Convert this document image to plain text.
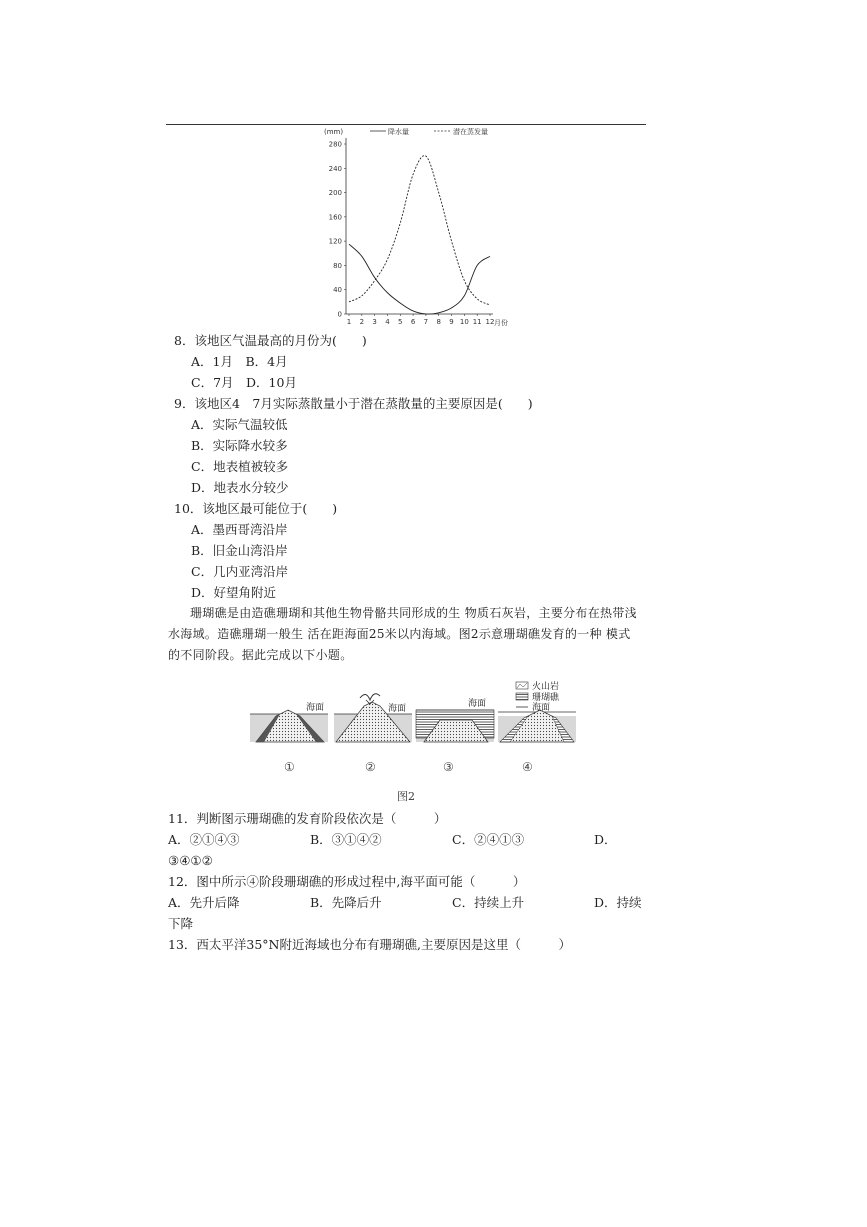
0
40
80
120
160
200
240
280
1 2 3 4 5 6 7 8 9 10 11 12
(mm)	降水量	潜在蒸发量
月份
8．该地区气温最高的月份为(　　)
A．1月　B．4月
C．7月　D．10月
9．该地区4　7月实际蒸散量小于潜在蒸散量的主要原因是(　　)
A．实际气温较低
B．实际降水较多
C．地表植被较多
D．地表水分较少
10．该地区最可能位于(　　)
A．墨西哥湾沿岸
B．旧金山湾沿岸
C．几内亚湾沿岸
D．好望角附近
珊瑚礁是由造礁珊瑚和其他生物骨骼共同形成的生 物质石灰岩，主要分布在热带浅
水海域。造礁珊瑚一般生 活在距海面25米以内海域。图2示意珊瑚礁发育的一种 模式
的不同阶段。据此完成以下小题。
海面	海面	海面
火山岩
珊瑚礁
海面
①	②	③	④
图2
11．判断图示珊瑚礁的发育阶段依次是（　　　）
A．②①④③	B．③①④②	C．②④①③	D．
③④①②
12．图中所示④阶段珊瑚礁的形成过程中,海平面可能（　　　）
A．先升后降	B．先降后升	C．持续上升	D．持续
下降
13．西太平洋35°N附近海域也分布有珊瑚礁,主要原因是这里（　　　）
